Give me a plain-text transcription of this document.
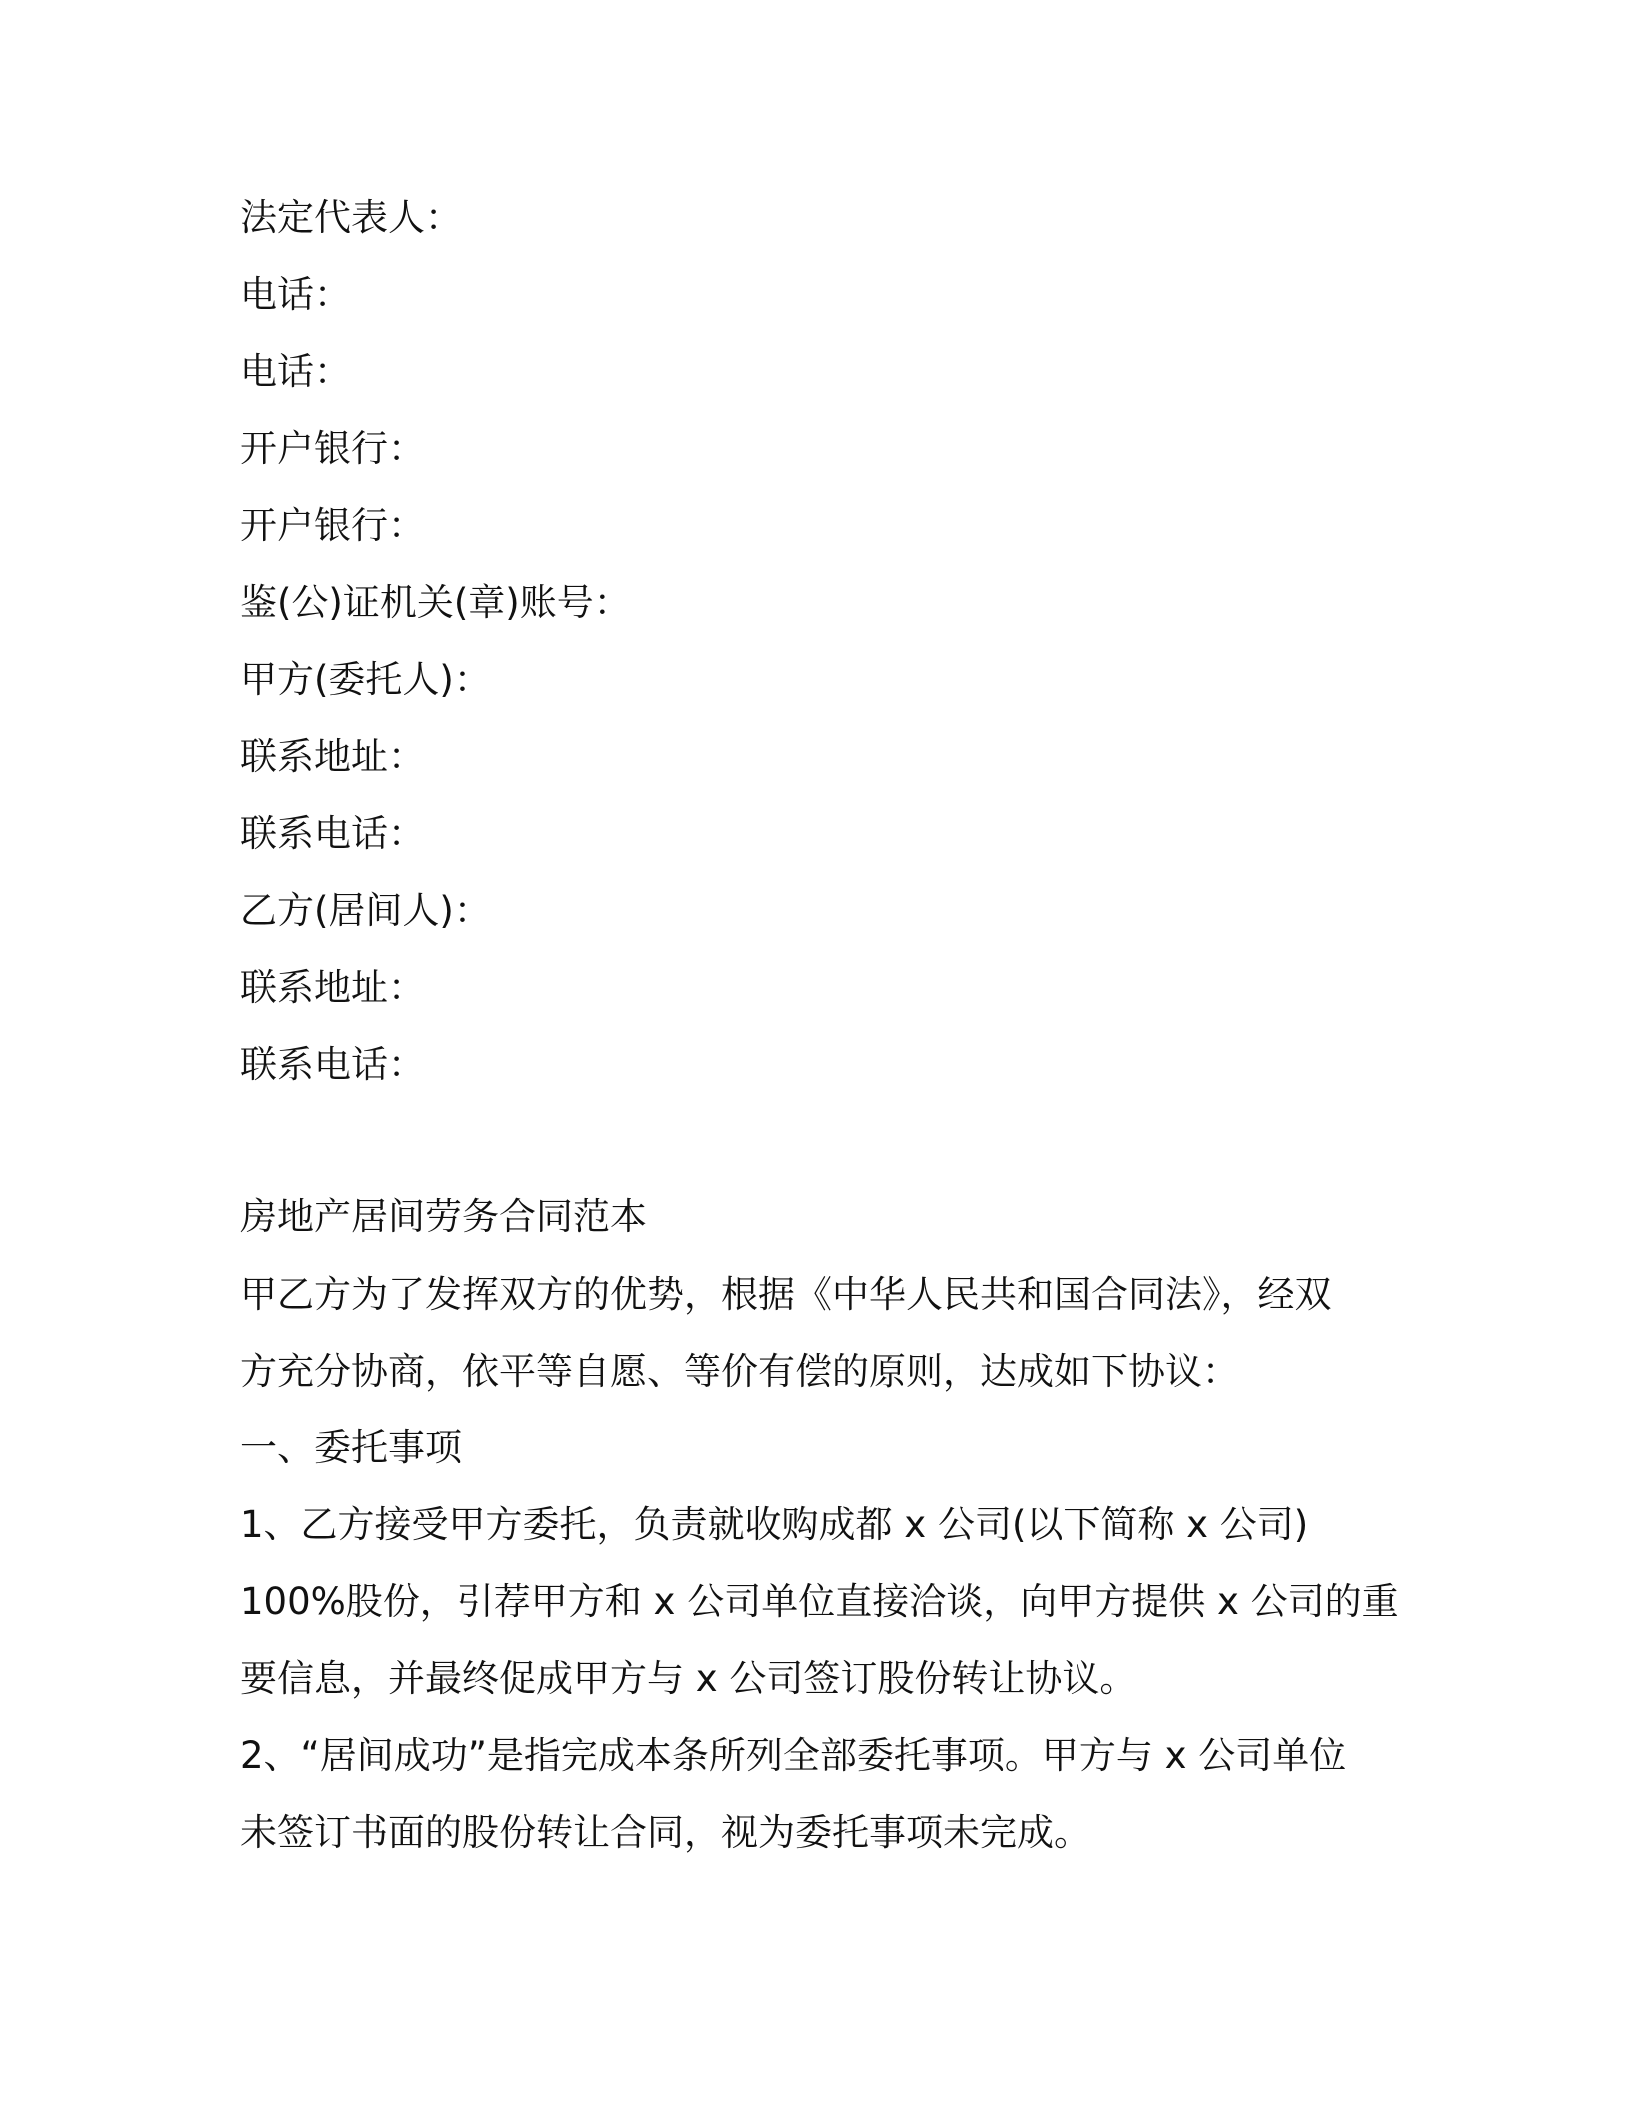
法定代表人：
电话：
电话：
开户银行：
开户银行：
鉴(公)证机关(章)账号：
甲方(委托人)：
联系地址：
联系电话：
乙方(居间人)：
联系地址：
联系电话：
房地产居间劳务合同范本
甲乙方为了发挥双方的优势，根据《中华人民共和国合同法》，经双
方充分协商，依平等自愿、等价有偿的原则，达成如下协议：
一、委托事项
1、乙方接受甲方委托，负责就收购成都 x 公司(以下简称 x 公司)
100%股份，引荐甲方和 x 公司单位直接洽谈，向甲方提供 x 公司的重
要信息，并最终促成甲方与 x 公司签订股份转让协议。
2、“居间成功”是指完成本条所列全部委托事项。甲方与 x 公司单位
未签订书面的股份转让合同，视为委托事项未完成。
